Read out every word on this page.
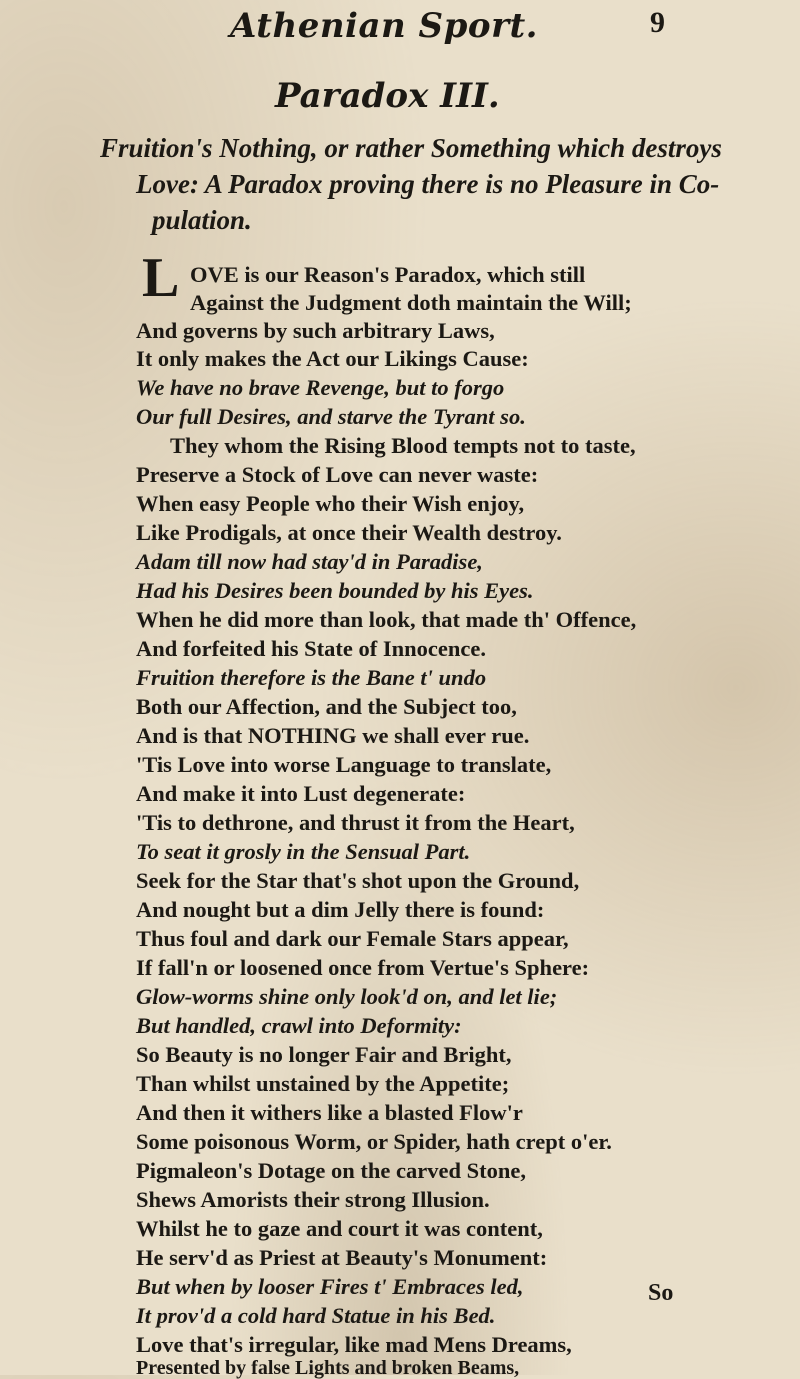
Athenian Sport.	9
Paradox III.
Fruition's Nothing, or rather Something which destroys
Love: A Paradox proving there is no Pleasure in Co-
pulation.
L OVE is our Reason's Paradox, which still
Against the Judgment doth maintain the Will;
And governs by such arbitrary Laws,
It only makes the Act our Likings Cause:
We have no brave Revenge, but to forgo
Our full Desires, and starve the Tyrant so.
They whom the Rising Blood tempts not to taste,
Preserve a Stock of Love can never waste:
When easy People who their Wish enjoy,
Like Prodigals, at once their Wealth destroy.
Adam till now had stay'd in Paradise,
Had his Desires been bounded by his Eyes.
When he did more than look, that made th' Offence,
And forfeited his State of Innocence.
Fruition therefore is the Bane t' undo
Both our Affection, and the Subject too,
And is that NOTHING we shall ever rue.
'Tis Love into worse Language to translate,
And make it into Lust degenerate:
'Tis to dethrone, and thrust it from the Heart,
To seat it grosly in the Sensual Part.
Seek for the Star that's shot upon the Ground,
And nought but a dim Jelly there is found:
Thus foul and dark our Female Stars appear,
If fall'n or loosened once from Vertue's Sphere:
Glow-worms shine only look'd on, and let lie;
But handled, crawl into Deformity:
So Beauty is no longer Fair and Bright,
Than whilst unstained by the Appetite;
And then it withers like a blasted Flow'r
Some poisonous Worm, or Spider, hath crept o'er.
Pigmaleon's Dotage on the carved Stone,
Shews Amorists their strong Illusion.
Whilst he to gaze and court it was content,
He serv'd as Priest at Beauty's Monument:
But when by looser Fires t' Embraces led,
It prov'd a cold hard Statue in his Bed.
Love that's irregular, like mad Mens Dreams,
Presented by false Lights and broken Beams,
So
